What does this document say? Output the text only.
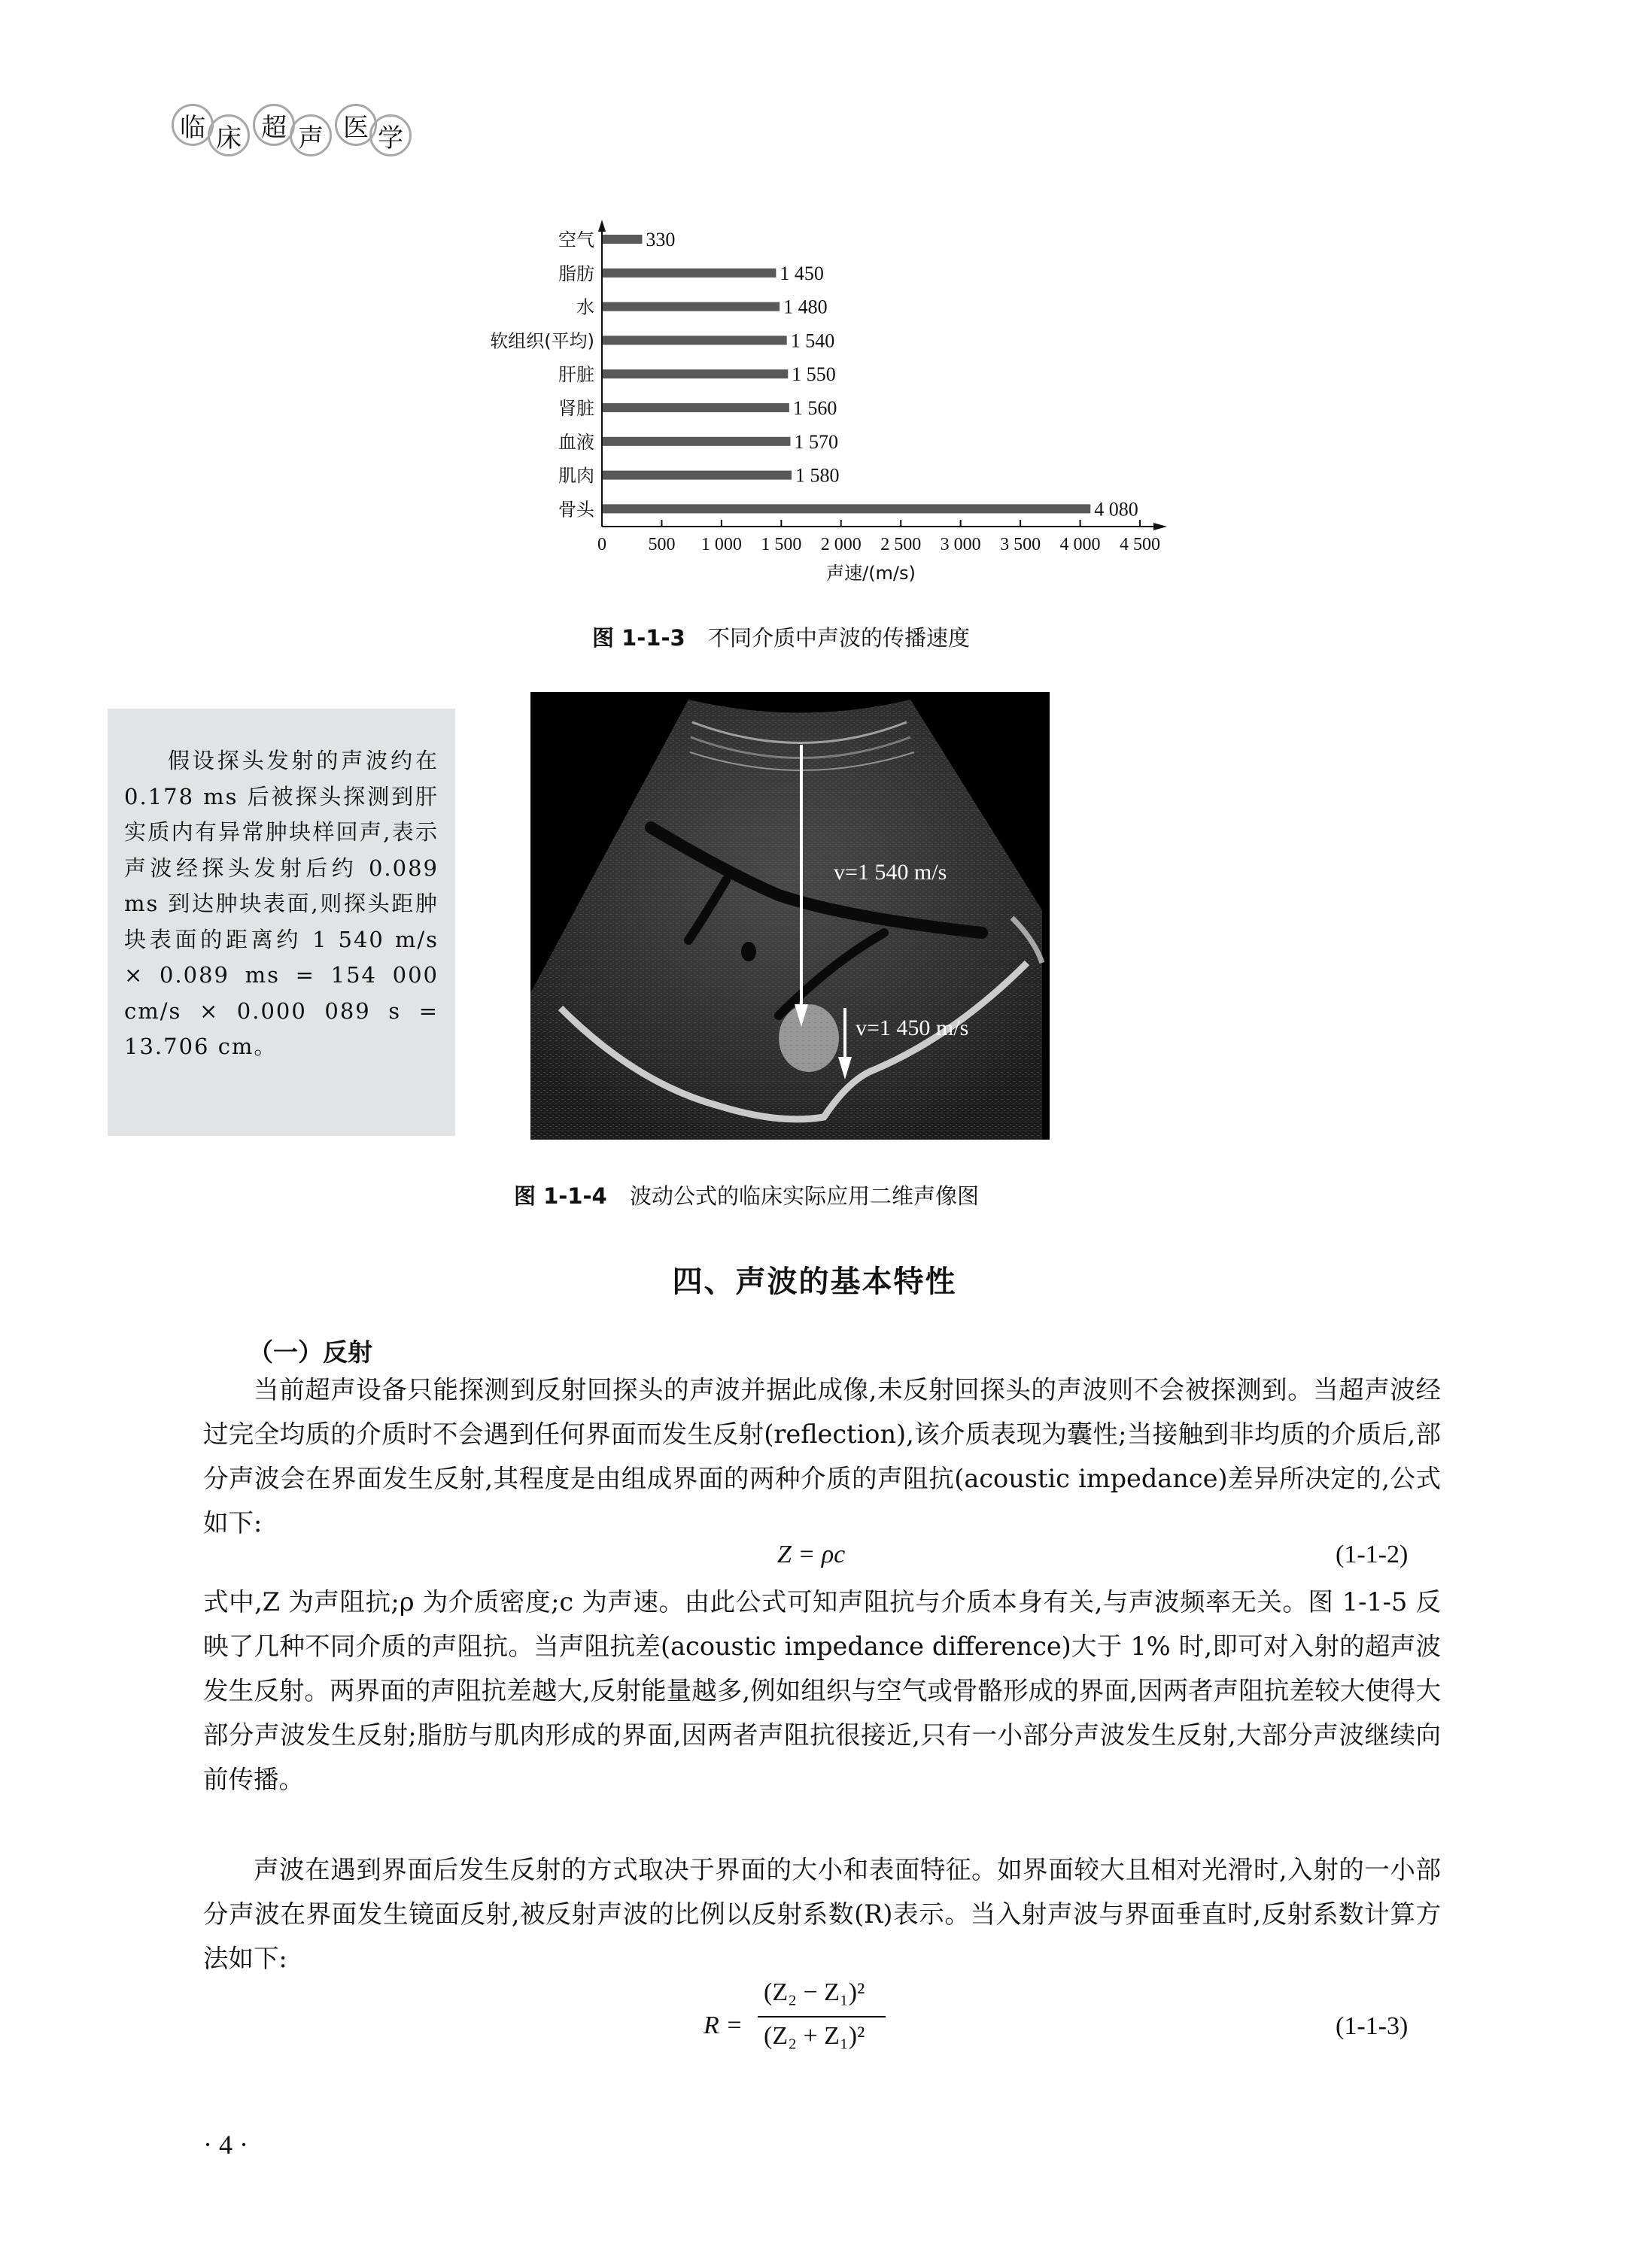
临 床 超 声 医 学
0 500 1 000 1 500 2 000 2 500 3 000 3 500 4 000 4 500
空气	330
脂肪	1 450
水	1 480
软组织(平均)	1 540
肝脏	1 550
肾脏	1 560
血液	1 570
肌肉	1 580
骨头	4 080
声速/(m/s)
图 1-1-3 不同介质中声波的传播速度

假设探头发射的声波约在 0.178 ms 后被探头探测到肝实质内有异常肿块样回声,表示声波经探头发射后约 0.089 ms 到达肿块表面,则探头距肿块表面的距离约 1 540 m/s × 0.089 ms = 154 000 cm/s × 0.000 089 s = 13.706 cm。

v=1 540 m/s
v=1 450 m/s
图 1-1-4 波动公式的临床实际应用二维声像图
四、声波的基本特性
（一）反射

当前超声设备只能探测到反射回探头的声波并据此成像,未反射回探头的声波则不会被探测到。当超声波经过完全均质的介质时不会遇到任何界面而发生反射(reflection),该介质表现为囊性;当接触到非均质的介质后,部分声波会在界面发生反射,其程度是由组成界面的两种介质的声阻抗(acoustic impedance)差异所决定的,公式如下:

Z = ρc	(1-1-2)

式中,Z 为声阻抗;ρ 为介质密度;c 为声速。由此公式可知声阻抗与介质本身有关,与声波频率无关。图 1-1-5 反映了几种不同介质的声阻抗。当声阻抗差(acoustic impedance difference)大于 1% 时,即可对入射的超声波发生反射。两界面的声阻抗差越大,反射能量越多,例如组织与空气或骨骼形成的界面,因两者声阻抗差较大使得大部分声波发生反射;脂肪与肌肉形成的界面,因两者声阻抗很接近,只有一小部分声波发生反射,大部分声波继续向前传播。

声波在遇到界面后发生反射的方式取决于界面的大小和表面特征。如界面较大且相对光滑时,入射的一小部分声波在界面发生镜面反射,被反射声波的比例以反射系数(R)表示。当入射声波与界面垂直时,反射系数计算方法如下:

R =
(Z₂ − Z₁)²
(Z₂ + Z₁)²	(1-1-3)
· 4 ·
